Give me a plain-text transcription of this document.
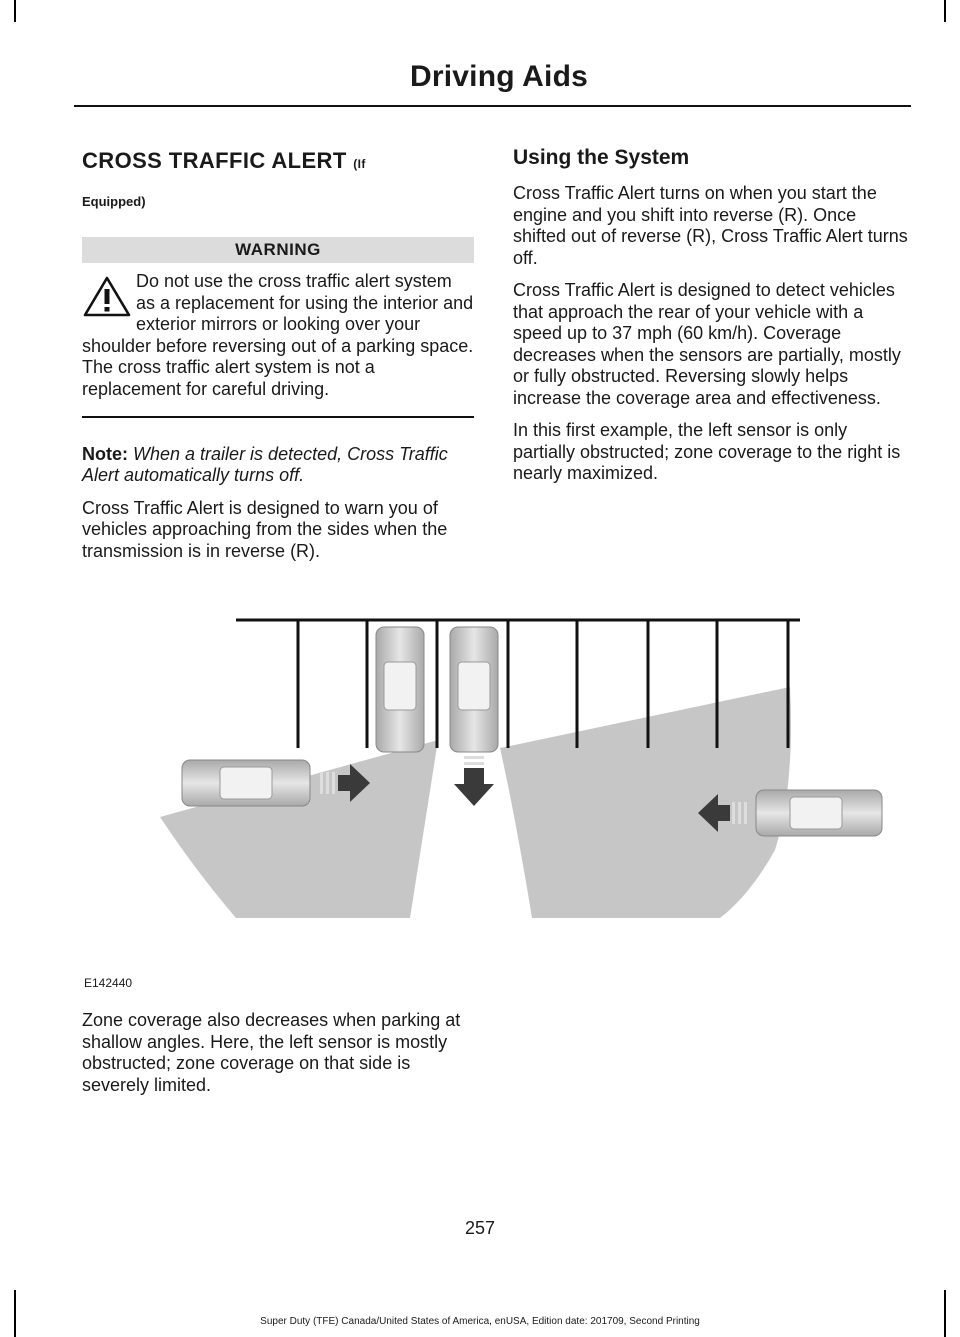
Driving Aids
CROSS TRAFFIC ALERT (If
Equipped)
WARNING
Do not use the cross traffic alert system as a replacement for using the interior and exterior mirrors or looking over your shoulder before reversing out of a parking space. The cross traffic alert system is not a replacement for careful driving.

Note: When a trailer is detected, Cross Traffic Alert automatically turns off.

Cross Traffic Alert is designed to warn you of vehicles approaching from the sides when the transmission is in reverse (R).

Using the System

Cross Traffic Alert turns on when you start the engine and you shift into reverse (R). Once shifted out of reverse (R), Cross Traffic Alert turns off.

Cross Traffic Alert is designed to detect vehicles that approach the rear of your vehicle with a speed up to 37 mph (60 km/h). Coverage decreases when the sensors are partially, mostly or fully obstructed. Reversing slowly helps increase the coverage area and effectiveness.

In this first example, the left sensor is only partially obstructed; zone coverage to the right is nearly maximized.

E142440

Zone coverage also decreases when parking at shallow angles. Here, the left sensor is mostly obstructed; zone coverage on that side is severely limited.

257
Super Duty (TFE) Canada/United States of America, enUSA, Edition date: 201709, Second Printing
